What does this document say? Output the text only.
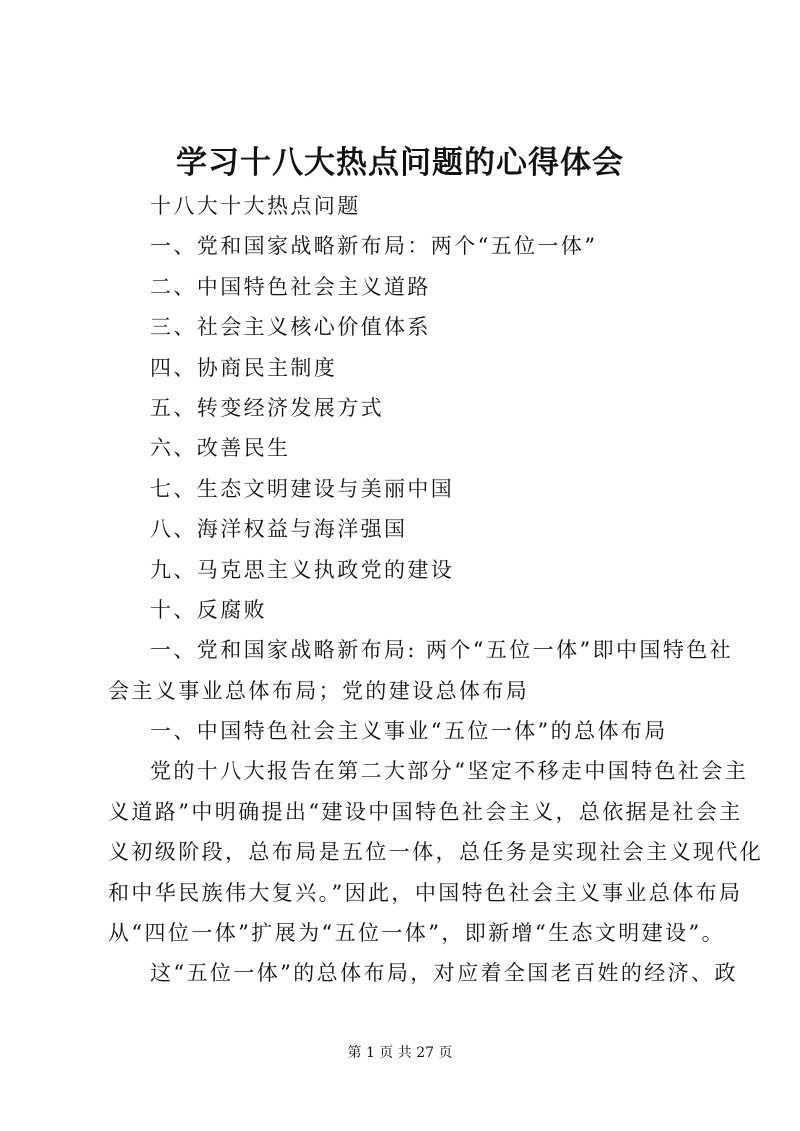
学习十八大热点问题的心得体会

十八大十大热点问题

一、党和国家战略新布局：两个“五位一体”

二、中国特色社会主义道路

三、社会主义核心价值体系

四、协商民主制度

五、转变经济发展方式

六、改善民生

七、生态文明建设与美丽中国

八、海洋权益与海洋强国

九、马克思主义执政党的建设

十、反腐败

一、党和国家战略新布局: 两个“五位一体”即中国特色社

会主义事业总体布局；党的建设总体布局

一、中国特色社会主义事业“五位一体”的总体布局

党的十八大报告在第二大部分“坚定不移走中国特色社会主

义道路”中明确提出“建设中国特色社会主义，总依据是社会主

义初级阶段，总布局是五位一体，总任务是实现社会主义现代化

和中华民族伟大复兴。”因此，中国特色社会主义事业总体布局

从“四位一体”扩展为“五位一体”，即新增“生态文明建设”。

这“五位一体”的总体布局，对应着全国老百姓的经济、政

第 1 页 共 27 页
